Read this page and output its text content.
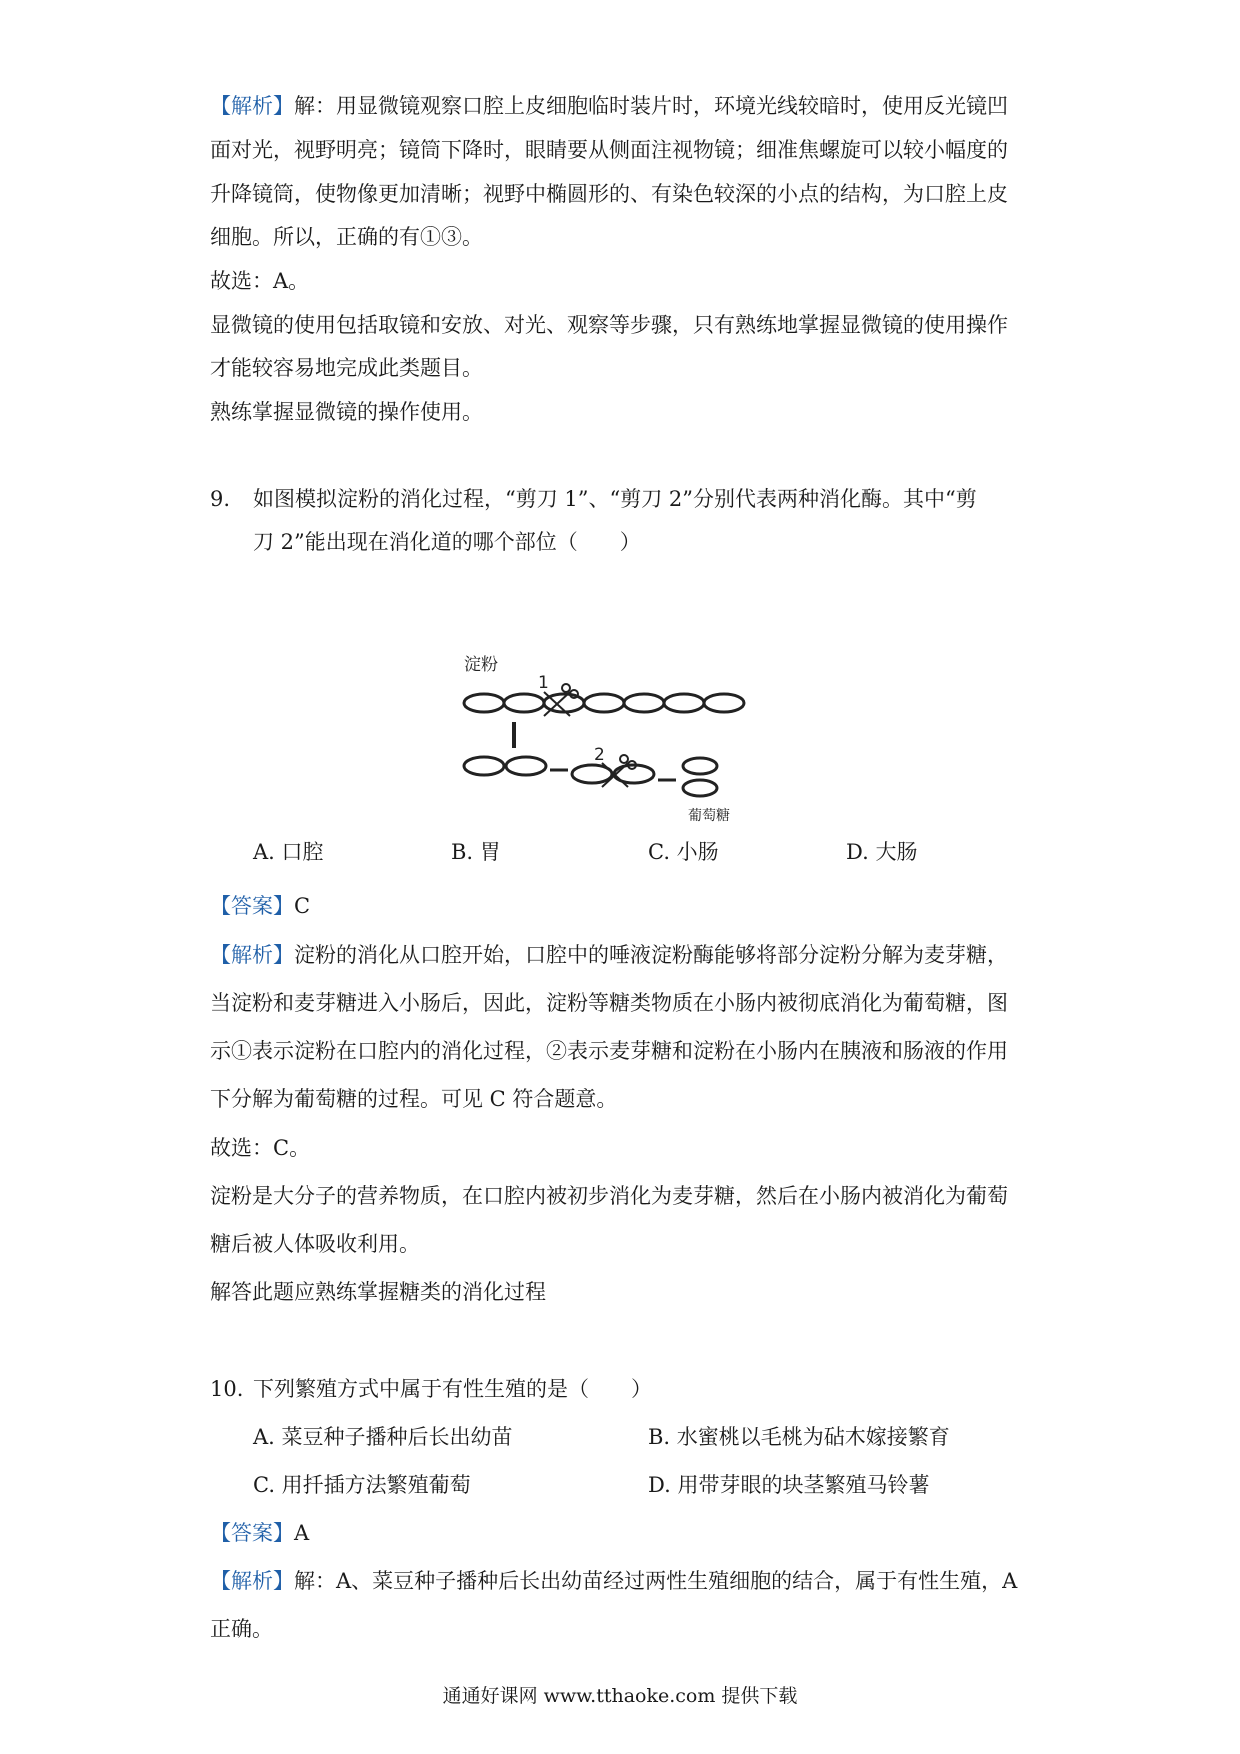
【解析】解：用显微镜观察口腔上皮细胞临时装片时，环境光线较暗时，使用反光镜凹
面对光，视野明亮；镜筒下降时，眼睛要从侧面注视物镜；细准焦螺旋可以较小幅度的
升降镜筒，使物像更加清晰；视野中椭圆形的、有染色较深的小点的结构，为口腔上皮
细胞。所以，正确的有①③。
故选：A。
显微镜的使用包括取镜和安放、对光、观察等步骤，只有熟练地掌握显微镜的使用操作
才能较容易地完成此类题目。
熟练掌握显微镜的操作使用。
9. 如图模拟淀粉的消化过程，“剪刀 1”、“剪刀 2”分别代表两种消化酶。其中“剪
刀 2”能出现在消化道的哪个部位（　　）
淀粉
1
2
葡萄糖
A. 口腔	B. 胃	C. 小肠	D. 大肠
【答案】C
【解析】淀粉的消化从口腔开始，口腔中的唾液淀粉酶能够将部分淀粉分解为麦芽糖，
当淀粉和麦芽糖进入小肠后，因此，淀粉等糖类物质在小肠内被彻底消化为葡萄糖，图
示①表示淀粉在口腔内的消化过程，②表示麦芽糖和淀粉在小肠内在胰液和肠液的作用
下分解为葡萄糖的过程。可见 C 符合题意。
故选：C。
淀粉是大分子的营养物质，在口腔内被初步消化为麦芽糖，然后在小肠内被消化为葡萄
糖后被人体吸收利用。
解答此题应熟练掌握糖类的消化过程
10. 下列繁殖方式中属于有性生殖的是（　　）
A. 菜豆种子播种后长出幼苗	B. 水蜜桃以毛桃为砧木嫁接繁育
C. 用扦插方法繁殖葡萄	D. 用带芽眼的块茎繁殖马铃薯
【答案】A
【解析】解：A、菜豆种子播种后长出幼苗经过两性生殖细胞的结合，属于有性生殖，A
正确。
通通好课网 www.tthaoke.com 提供下载
